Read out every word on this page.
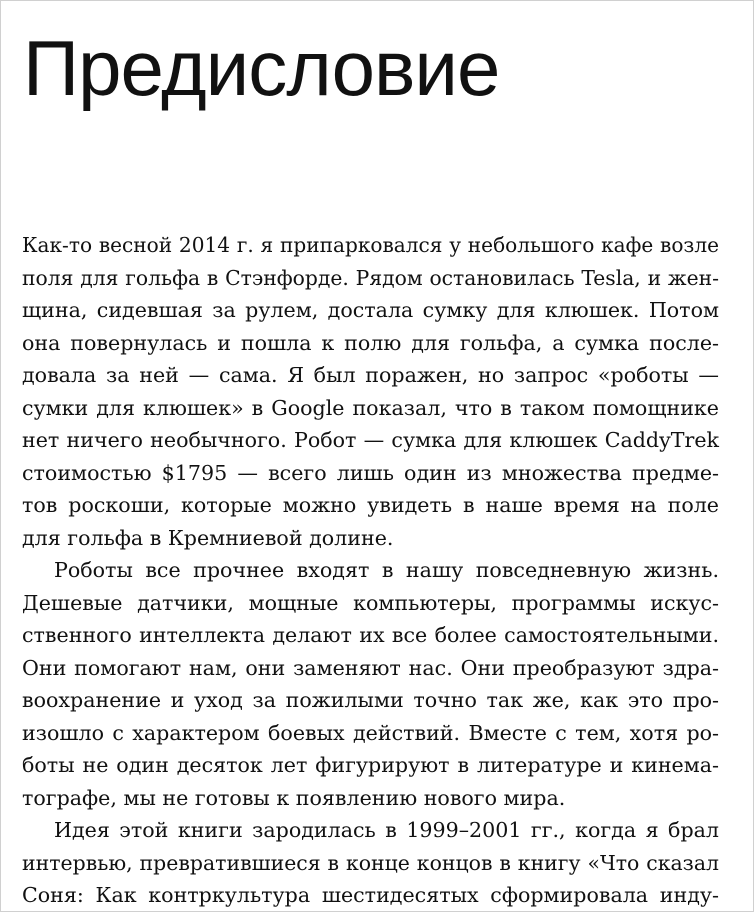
Предисловие

Как-то весной 2014 г. я припарковался у небольшого кафе возле
поля для гольфа в Стэнфорде. Рядом остановилась Tesla, и жен-
щина, сидевшая за рулем, достала сумку для клюшек. Потом
она повернулась и пошла к полю для гольфа, а сумка после-
довала за ней — сама. Я был поражен, но запрос «роботы —
сумки для клюшек» в Google показал, что в таком помощнике
нет ничего необычного. Робот — сумка для клюшек CaddyTrek
стоимостью $1795 — всего лишь один из множества предме-
тов роскоши, которые можно увидеть в наше время на поле
для гольфа в Кремниевой долине.

Роботы все прочнее входят в нашу повседневную жизнь.
Дешевые датчики, мощные компьютеры, программы искус-
ственного интеллекта делают их все более самостоятельными.
Они помогают нам, они заменяют нас. Они преобразуют здра-
воохранение и уход за пожилыми точно так же, как это про-
изошло с характером боевых действий. Вместе с тем, хотя ро-
боты не один десяток лет фигурируют в литературе и кинема-
тографе, мы не готовы к появлению нового мира.

Идея этой книги зародилась в 1999–2001 гг., когда я брал
интервью, превратившиеся в конце концов в книгу «Что сказал
Соня: Как контркультура шестидесятых сформировала инду-
